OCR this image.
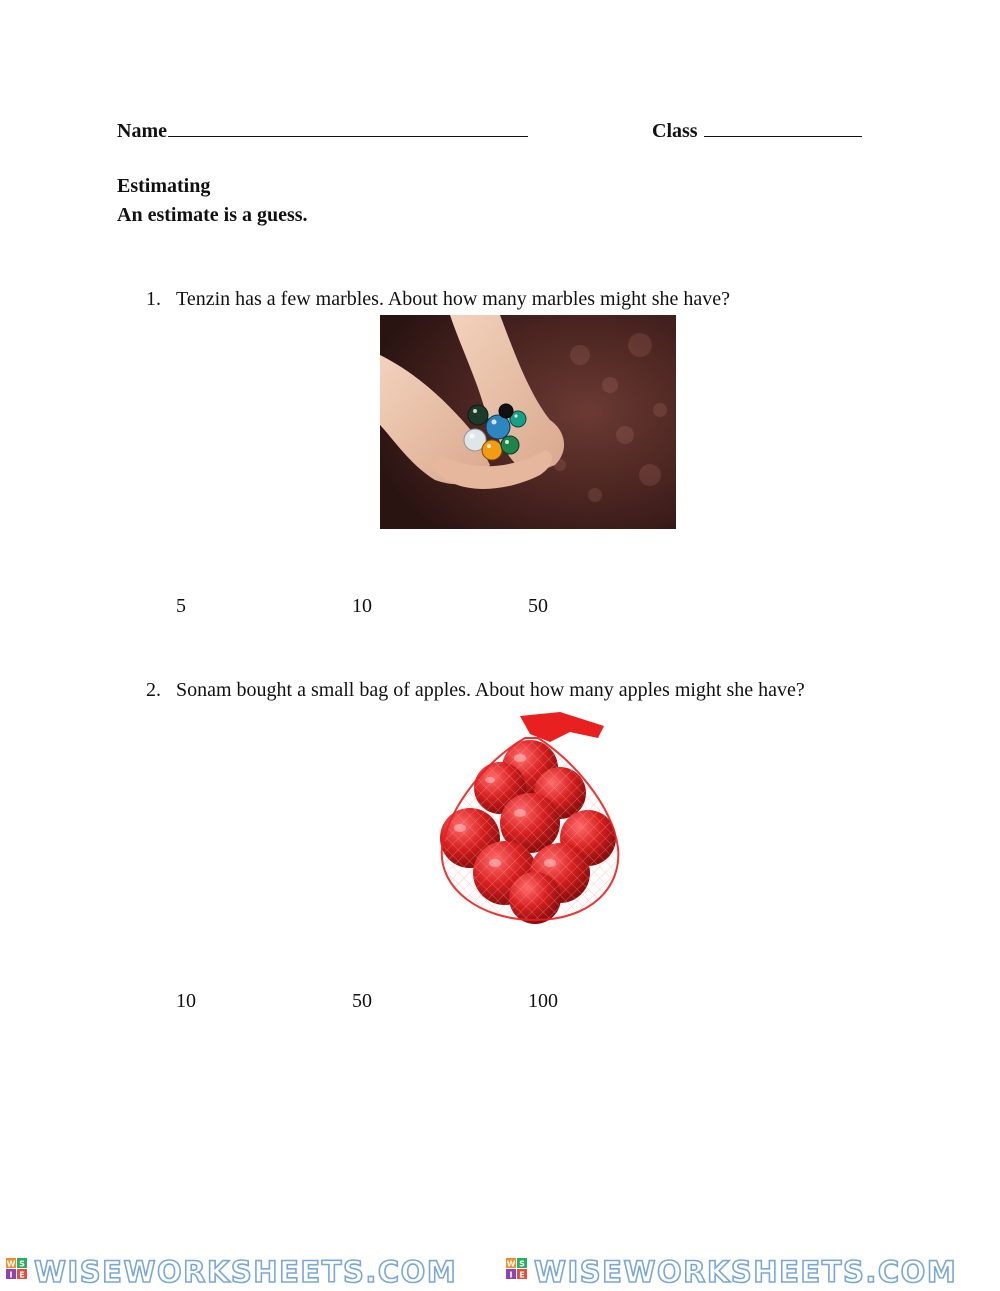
Name	Class
Estimating
An estimate is a guess.
1. Tenzin has a few marbles. About how many marbles might she have?
5	10	50
2. Sonam bought a small bag of apples. About how many apples might she have?
10	50	100
W S
I E WISEWORKSHEETS.COM	W S
I E WISEWORKSHEETS.COM
